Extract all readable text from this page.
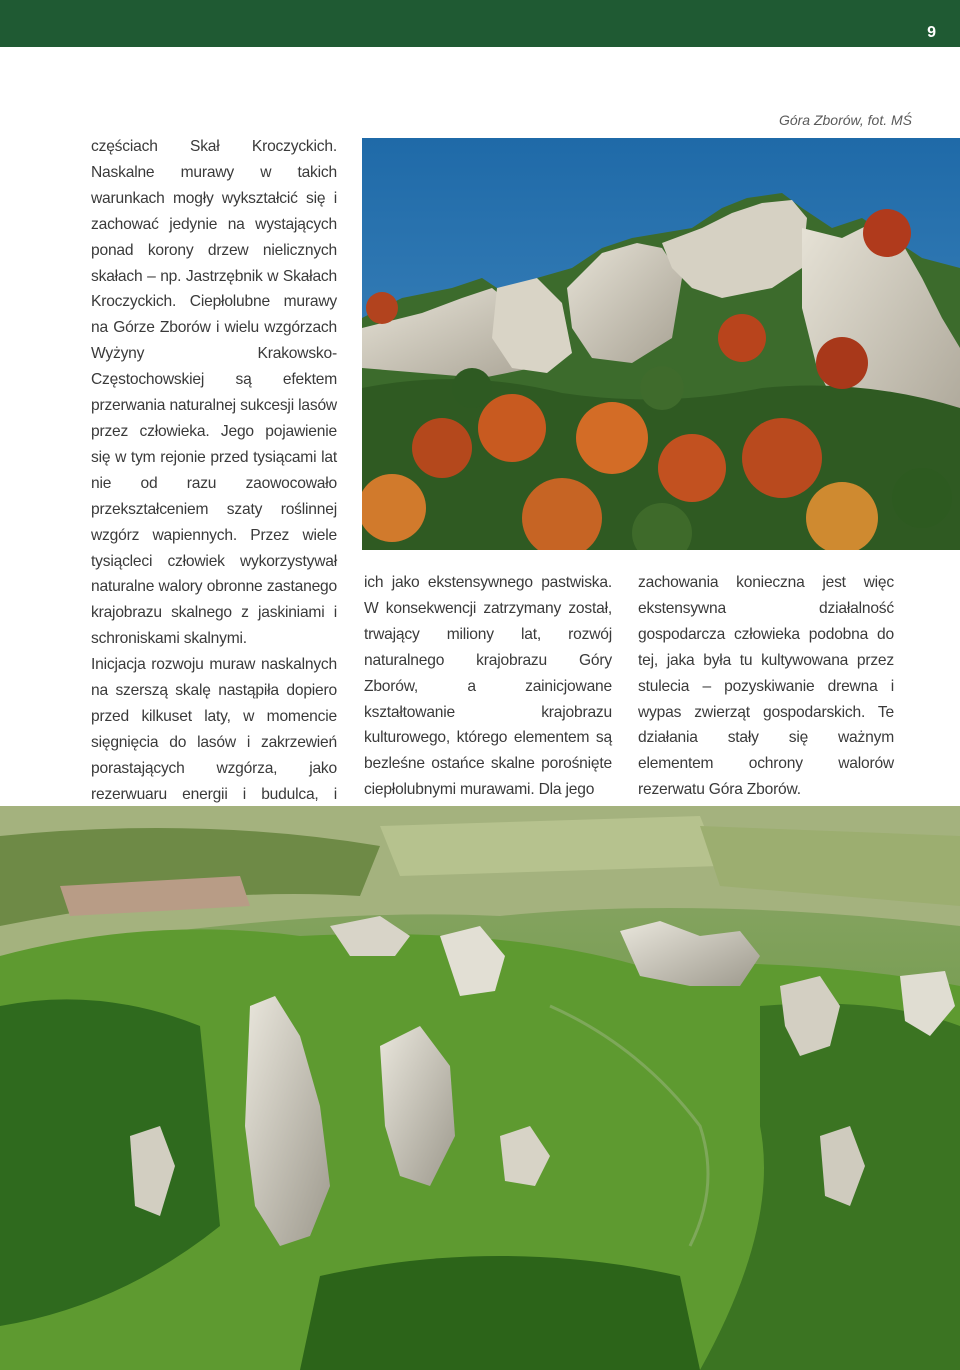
9
Góra Zborów, fot. MŚ

częściach Skał Kroczyckich. Naskalne murawy w takich warunkach mogły wykształcić się i zachować jedynie na wystających ponad korony drzew nielicznych skałach – np. Jastrzębnik w Skałach Kroczyckich. Ciepłolubne murawy na Górze Zborów i wielu wzgórzach Wyżyny Krakowsko-Częstochowskiej są efektem przerwania naturalnej sukcesji lasów przez człowieka. Jego pojawienie się w tym rejonie przed tysiącami lat nie od razu zaowocowało przekształceniem szaty roślinnej wzgórz wapiennych. Przez wiele tysiącleci człowiek wykorzystywał naturalne walory obronne zastanego krajobrazu skalnego z jaskiniami i schroniskami skalnymi.

Inicjacja rozwoju muraw naskalnych na szerszą skalę nastąpiła dopiero przed kilkuset laty, w momencie sięgnięcia do lasów i zakrzewień porastających wzgórza, jako rezerwuaru energii i budulca, i

ich jako ekstensywnego pastwiska. W konsekwencji zatrzymany został, trwający miliony lat, rozwój naturalnego krajobrazu Góry Zborów, a zainicjowane kształtowanie krajobrazu kulturowego, którego elementem są bezleśne ostańce skalne porośnięte ciepłolubnymi murawami. Dla jego
zachowania konieczna jest więc ekstensywna działalność gospodarcza człowieka podobna do tej, jaka była tu kultywowana przez stulecia – pozyskiwanie drewna i wypas zwierząt gospodarskich. Te działania stały się ważnym elementem ochrony walorów rezerwatu Góra Zborów.
